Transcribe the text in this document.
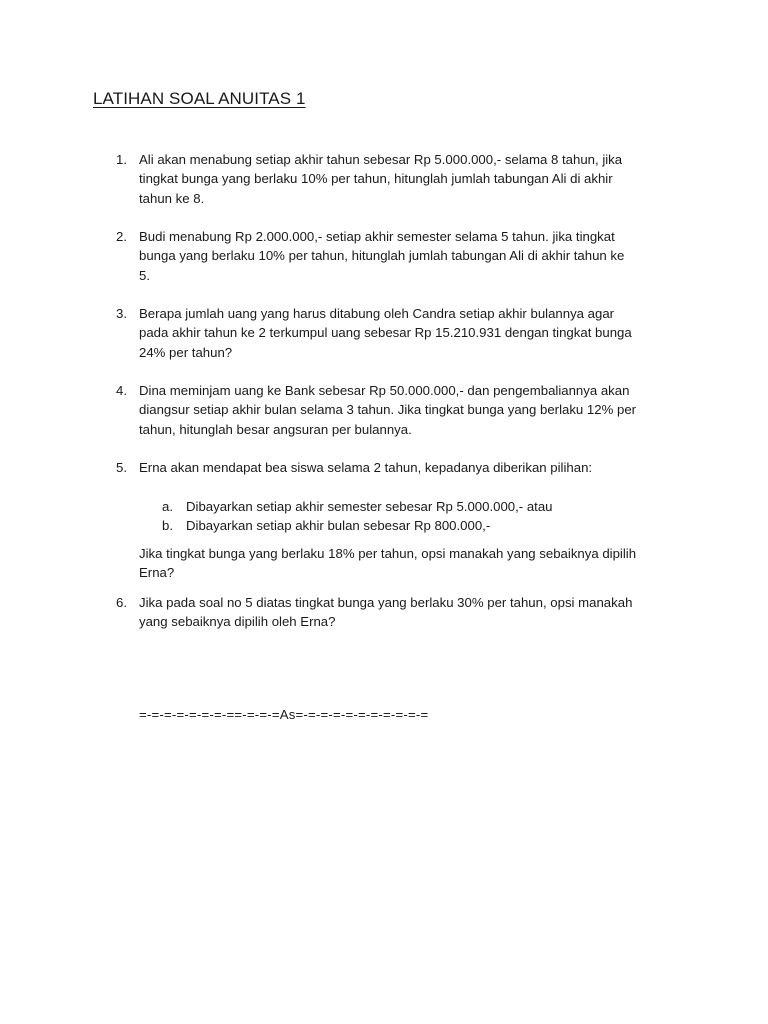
LATIHAN SOAL ANUITAS 1
1. Ali akan menabung setiap akhir tahun sebesar Rp 5.000.000,- selama 8 tahun, jika
tingkat bunga yang berlaku 10% per tahun, hitunglah jumlah tabungan Ali di akhir
tahun ke 8.
2. Budi menabung Rp 2.000.000,- setiap akhir semester selama 5 tahun. jika tingkat
bunga yang berlaku 10% per tahun, hitunglah jumlah tabungan Ali di akhir tahun ke
5.
3. Berapa jumlah uang yang harus ditabung oleh Candra setiap akhir bulannya agar
pada akhir tahun ke 2 terkumpul uang sebesar Rp 15.210.931 dengan tingkat bunga
24% per tahun?
4. Dina meminjam uang ke Bank sebesar Rp 50.000.000,- dan pengembaliannya akan
diangsur setiap akhir bulan selama 3 tahun. Jika tingkat bunga yang berlaku 12% per
tahun, hitunglah besar angsuran per bulannya.
5. Erna akan mendapat bea siswa selama 2 tahun, kepadanya diberikan pilihan:
a. Dibayarkan setiap akhir semester sebesar Rp 5.000.000,- atau
b. Dibayarkan setiap akhir bulan sebesar Rp 800.000,-
Jika tingkat bunga yang berlaku 18% per tahun, opsi manakah yang sebaiknya dipilih
Erna?
6. Jika pada soal no 5 diatas tingkat bunga yang berlaku 30% per tahun, opsi manakah
yang sebaiknya dipilih oleh Erna?
=-=-=-=-=-=-=-==-=-=-=As=-=-=-=-=-=-=-=-=-=-=
